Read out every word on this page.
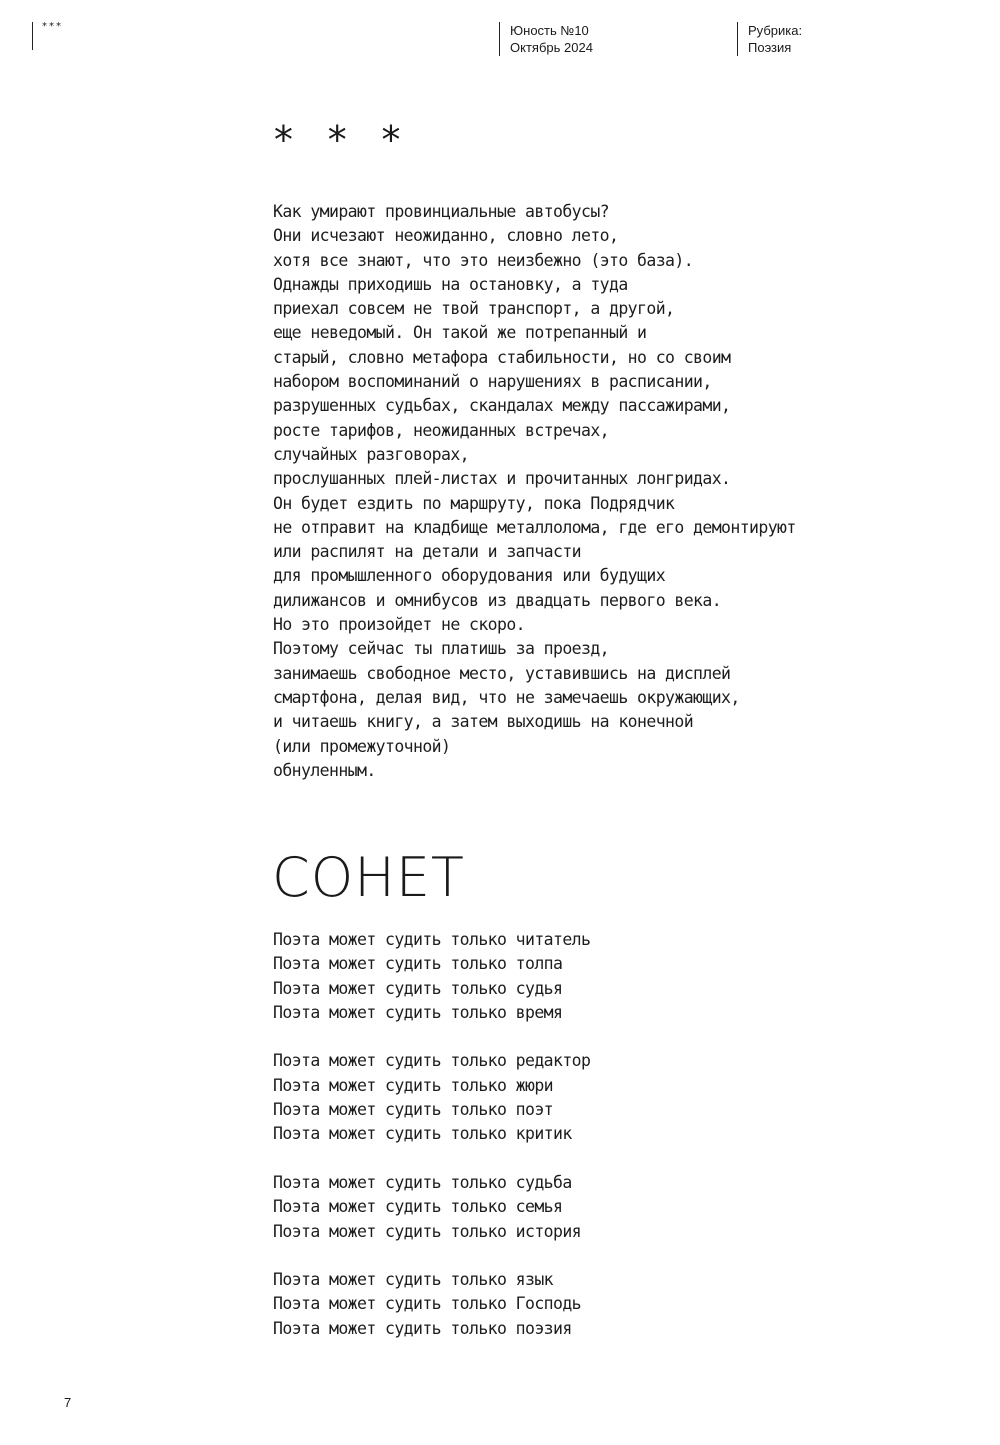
***	Юность №10
Октябрь 2024
Рубрика:
Поэзия
* * *
Как умирают провинциальные автобусы?
Они исчезают неожиданно, словно лето,
хотя все знают, что это неизбежно (это база).
Однажды приходишь на остановку, а туда
приехал совсем не твой транспорт, а другой,
еще неведомый. Он такой же потрепанный и
старый, словно метафора стабильности, но со своим
набором воспоминаний о нарушениях в расписании,
разрушенных судьбах, скандалах между пассажирами,
росте тарифов, неожиданных встречах,
случайных разговорах,
прослушанных плей-листах и прочитанных лонгридах.
Он будет ездить по маршруту, пока Подрядчик
не отправит на кладбище металлолома, где его демонтируют
или распилят на детали и запчасти
для промышленного оборудования или будущих
дилижансов и омнибусов из двадцать первого века.
Но это произойдет не скоро.
Поэтому сейчас ты платишь за проезд,
занимаешь свободное место, уставившись на дисплей
смартфона, делая вид, что не замечаешь окружающих,
и читаешь книгу, а затем выходишь на конечной
(или промежуточной)
обнуленным.
СОНЕТ
Поэта может судить только читатель
Поэта может судить только толпа
Поэта может судить только судья
Поэта может судить только время
Поэта может судить только редактор
Поэта может судить только жюри
Поэта может судить только поэт
Поэта может судить только критик
Поэта может судить только судьба
Поэта может судить только семья
Поэта может судить только история
Поэта может судить только язык
Поэта может судить только Господь
Поэта может судить только поэзия
7
